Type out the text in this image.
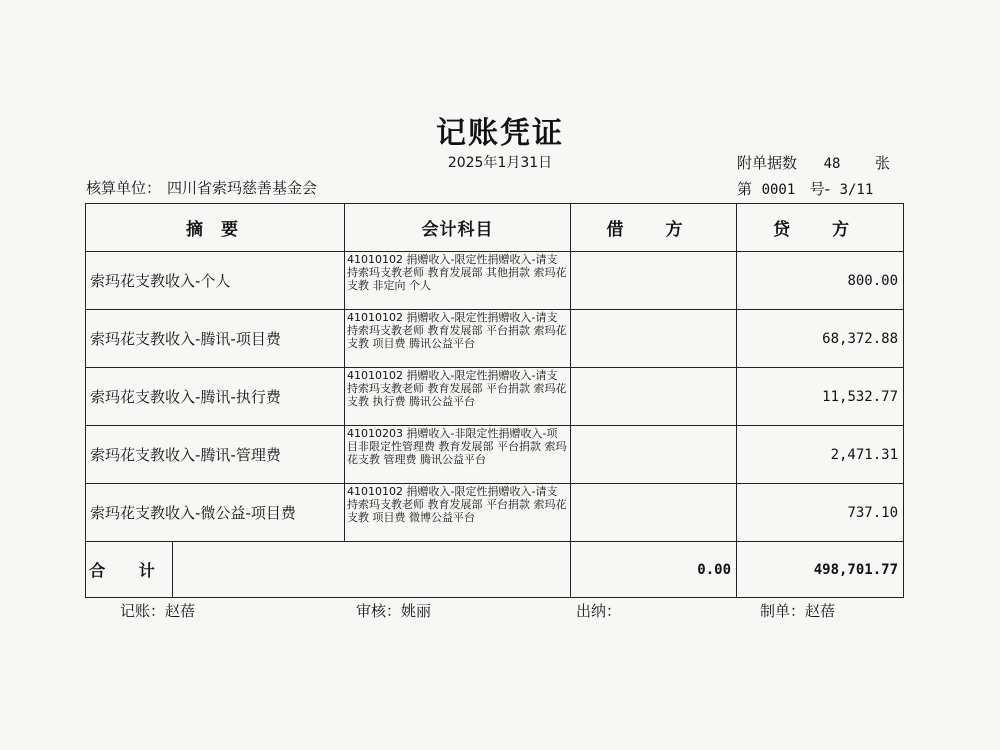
记账凭证
2025年1月31日	附单据数 48 张
核算单位： 四川省索玛慈善基金会	第 0001 号- 3/11
摘 要		会计科目	借 方	贷 方
索玛花支教收入-个人		41010102 捐赠收入-限定性捐赠收入-请支持索玛支教老师 教育发展部 其他捐款 索玛花支教 非定向 个人		800.00
索玛花支教收入-腾讯-项目费		41010102 捐赠收入-限定性捐赠收入-请支持索玛支教老师 教育发展部 平台捐款 索玛花支教 项目费 腾讯公益平台		68,372.88
索玛花支教收入-腾讯-执行费		41010102 捐赠收入-限定性捐赠收入-请支持索玛支教老师 教育发展部 平台捐款 索玛花支教 执行费 腾讯公益平台		11,532.77
索玛花支教收入-腾讯-管理费		41010203 捐赠收入-非限定性捐赠收入-项目非限定性管理费 教育发展部 平台捐款 索玛花支教 管理费 腾讯公益平台		2,471.31
索玛花支教收入-微公益-项目费		41010102 捐赠收入-限定性捐赠收入-请支持索玛支教老师 教育发展部 平台捐款 索玛花支教 项目费 微博公益平台		737.10
合 计			0.00	498,701.77
记账：赵蓓	审核：姚丽	出纳：	制单：赵蓓
